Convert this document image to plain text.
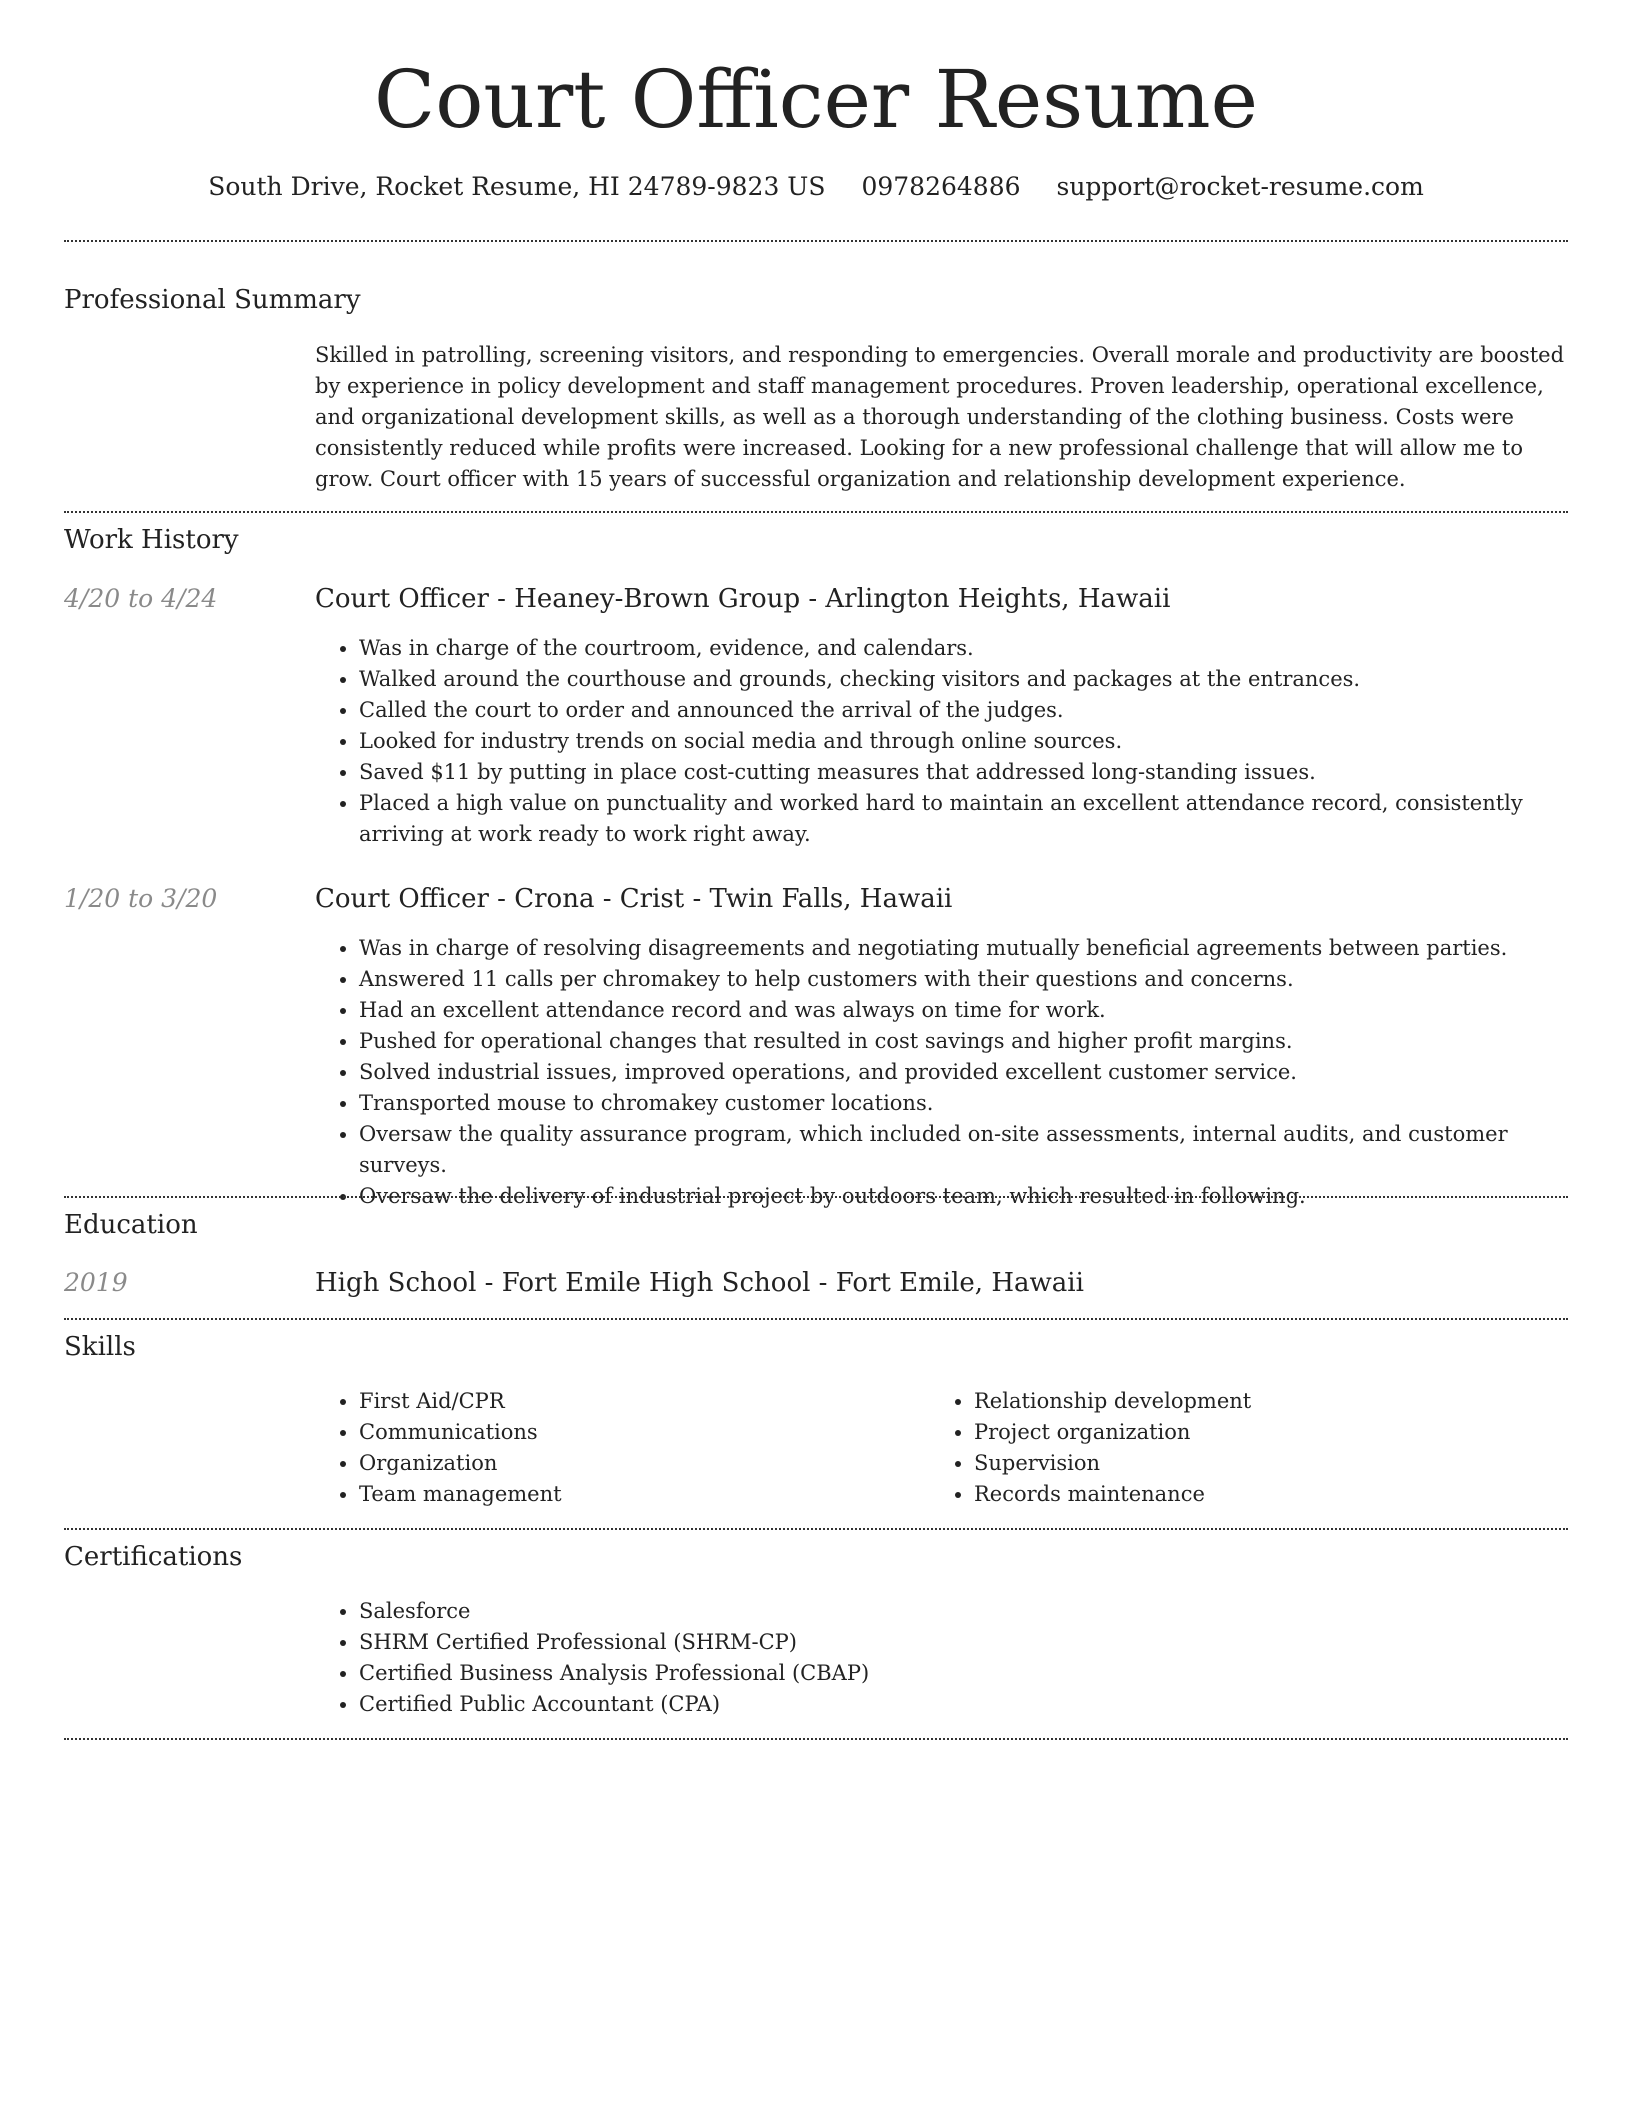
Court Officer Resume
South Drive, Rocket Resume, HI 24789-9823 US 0978264886 support@rocket-resume.com
Professional Summary

Skilled in patrolling, screening visitors, and responding to emergencies. Overall morale and productivity are boosted by experience in policy development and staff management procedures. Proven leadership, operational excellence, and organizational development skills, as well as a thorough understanding of the clothing business. Costs were consistently reduced while profits were increased. Looking for a new professional challenge that will allow me to grow. Court officer with 15 years of successful organization and relationship development experience.

Work History
4/20 to 4/24	Court Officer - Heaney-Brown Group - Arlington Heights, Hawaii
• Was in charge of the courtroom, evidence, and calendars.
• Walked around the courthouse and grounds, checking visitors and packages at the entrances.
• Called the court to order and announced the arrival of the judges.
• Looked for industry trends on social media and through online sources.
• Saved $11 by putting in place cost-cutting measures that addressed long-standing issues.
• Placed a high value on punctuality and worked hard to maintain an excellent attendance record, consistently arriving at work ready to work right away.
1/20 to 3/20	Court Officer - Crona - Crist - Twin Falls, Hawaii
• Was in charge of resolving disagreements and negotiating mutually beneficial agreements between parties.
• Answered 11 calls per chromakey to help customers with their questions and concerns.
• Had an excellent attendance record and was always on time for work.
• Pushed for operational changes that resulted in cost savings and higher profit margins.
• Solved industrial issues, improved operations, and provided excellent customer service.
• Transported mouse to chromakey customer locations.
• Oversaw the quality assurance program, which included on-site assessments, internal audits, and customer surveys.
• Oversaw the delivery of industrial project by outdoors team, which resulted in following.
Education
2019	High School - Fort Emile High School - Fort Emile, Hawaii
Skills
• First Aid/CPR
• Communications
• Organization
• Team management
• Relationship development
• Project organization
• Supervision
• Records maintenance
Certifications
• Salesforce
• SHRM Certified Professional (SHRM-CP)
• Certified Business Analysis Professional (CBAP)
• Certified Public Accountant (CPA)
